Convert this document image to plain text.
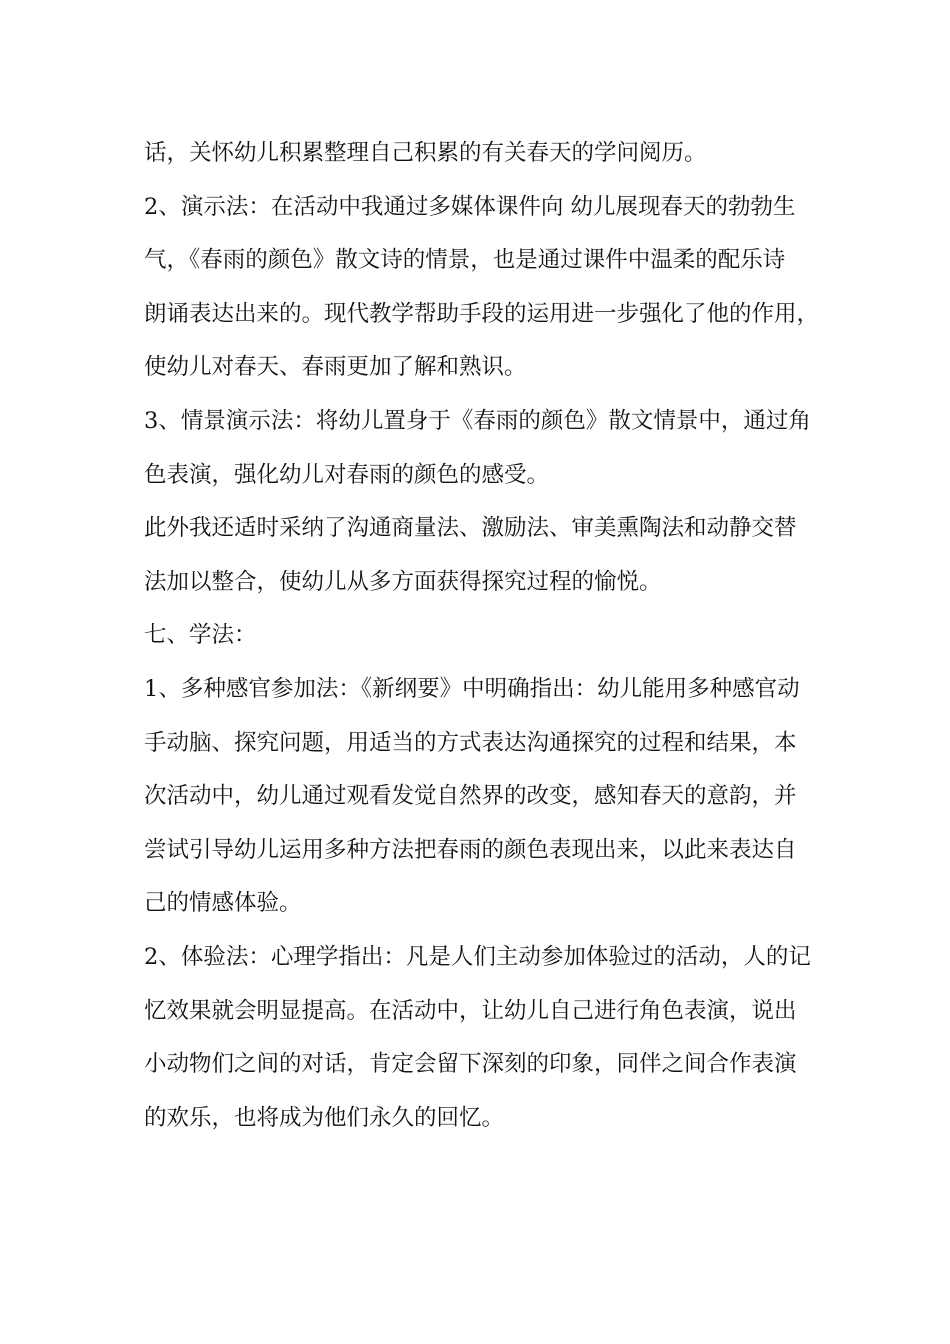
话，关怀幼儿积累整理自己积累的有关春天的学问阅历。
2、演示法：在活动中我通过多媒体课件向 幼儿展现春天的勃勃生
气，《春雨的颜色》散文诗的情景，也是通过课件中温柔的配乐诗
朗诵表达出来的。现代教学帮助手段的运用进一步强化了他的作用，
使幼儿对春天、春雨更加了解和熟识。
3、情景演示法：将幼儿置身于《春雨的颜色》散文情景中，通过角
色表演，强化幼儿对春雨的颜色的感受。
此外我还适时采纳了沟通商量法、激励法、审美熏陶法和动静交替
法加以整合，使幼儿从多方面获得探究过程的愉悦。
七、学法：
1、多种感官参加法：《新纲要》中明确指出：幼儿能用多种感官动
手动脑、探究问题，用适当的方式表达沟通探究的过程和结果，本
次活动中，幼儿通过观看发觉自然界的改变，感知春天的意韵，并
尝试引导幼儿运用多种方法把春雨的颜色表现出来，以此来表达自
己的情感体验。
2、体验法：心理学指出：凡是人们主动参加体验过的活动，人的记
忆效果就会明显提高。在活动中，让幼儿自己进行角色表演，说出
小动物们之间的对话，肯定会留下深刻的印象，同伴之间合作表演
的欢乐，也将成为他们永久的回忆。
